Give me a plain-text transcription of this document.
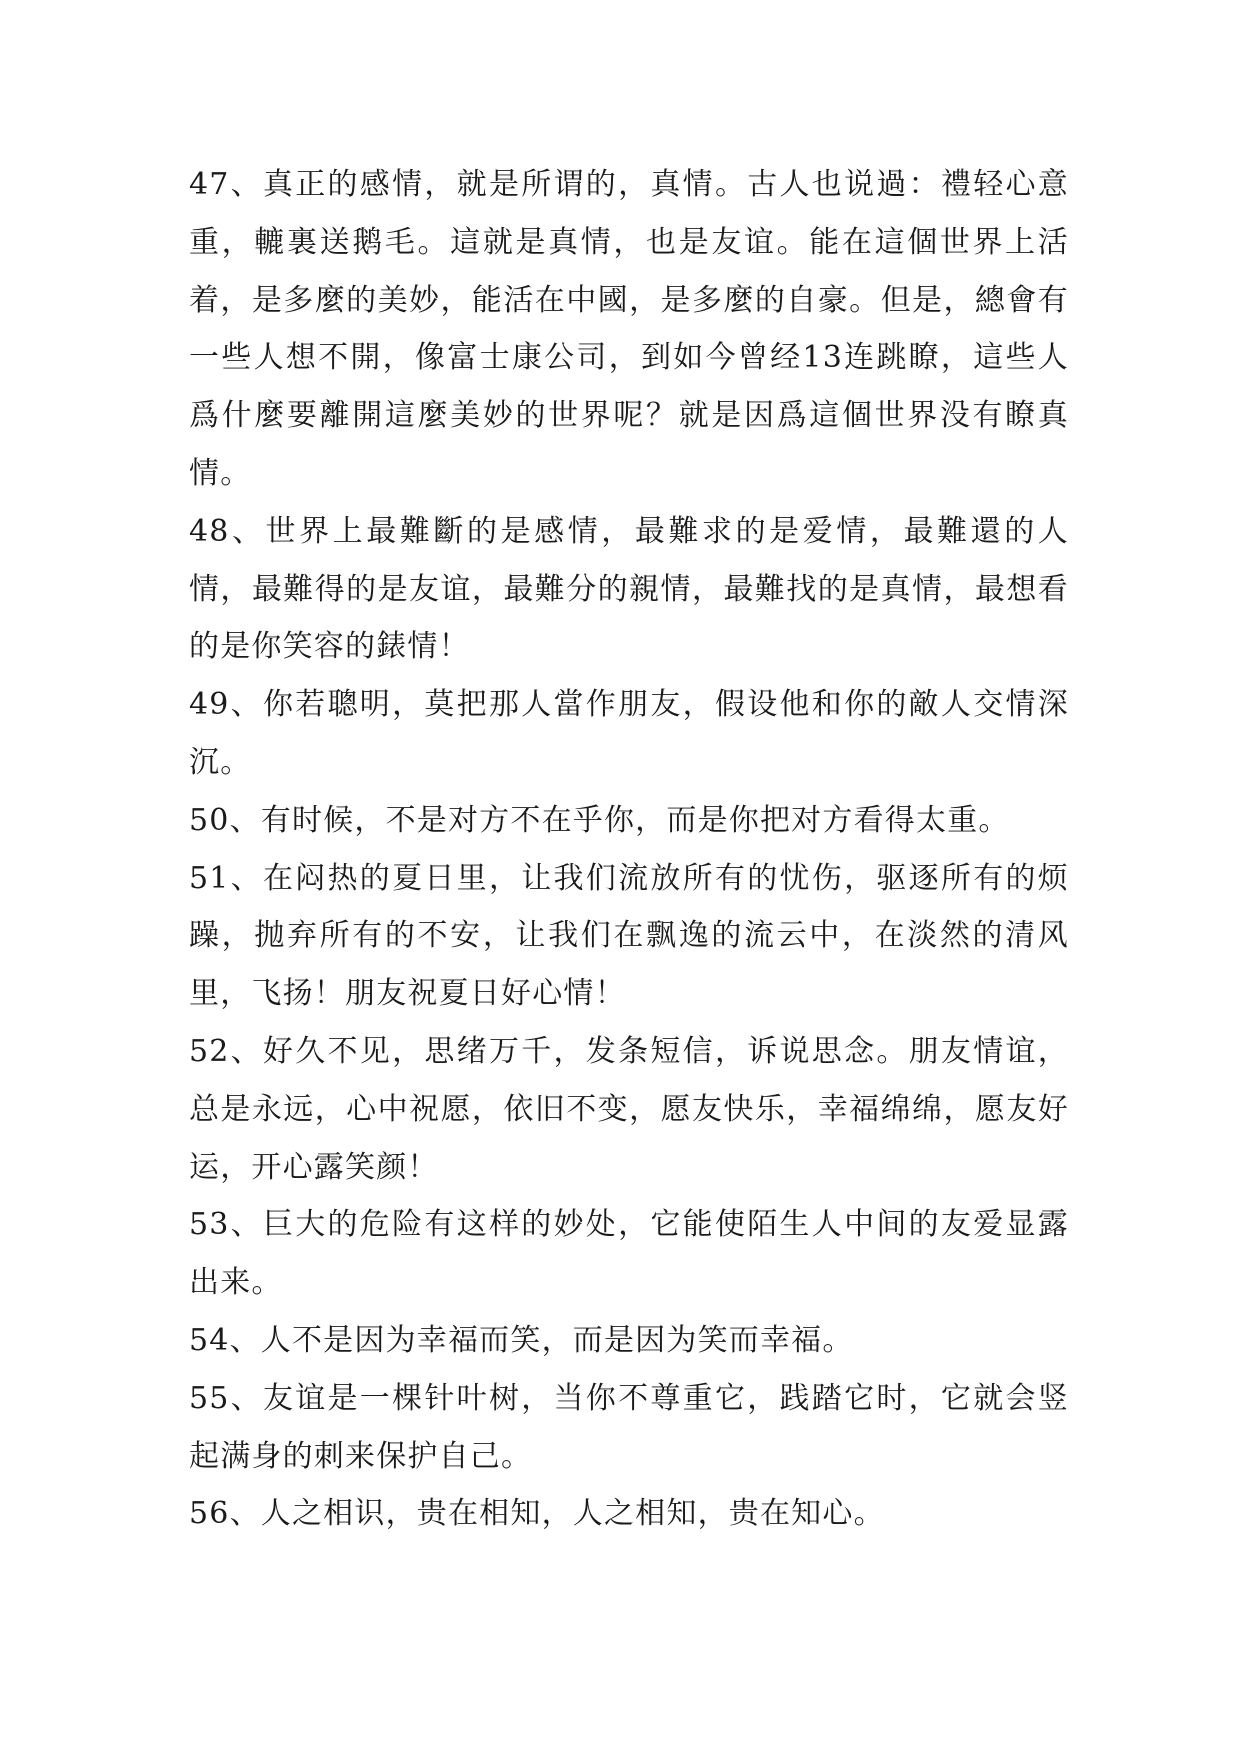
47、真正的感情，就是所谓的，真情。古人也说過：禮轻心意重，轆裏送鹅毛。這就是真情，也是友谊。能在這個世界上活着，是多麼的美妙，能活在中國，是多麼的自豪。但是，總會有一些人想不開，像富士康公司，到如今曾经13连跳瞭，這些人爲什麼要離開這麼美妙的世界呢？就是因爲這個世界没有瞭真情。

48、世界上最難斷的是感情，最難求的是爱情，最難還的人情，最難得的是友谊，最難分的親情，最難找的是真情，最想看的是你笑容的錶情！

49、你若聰明，莫把那人當作朋友，假设他和你的敵人交情深沉。

50、有时候，不是对方不在乎你，而是你把对方看得太重。

51、在闷热的夏日里，让我们流放所有的忧伤，驱逐所有的烦躁，抛弃所有的不安，让我们在飘逸的流云中，在淡然的清风里，飞扬！朋友祝夏日好心情！

52、好久不见，思绪万千，发条短信，诉说思念。朋友情谊，总是永远，心中祝愿，依旧不变，愿友快乐，幸福绵绵，愿友好运，开心露笑颜！

53、巨大的危险有这样的妙处，它能使陌生人中间的友爱显露出来。

54、人不是因为幸福而笑，而是因为笑而幸福。

55、友谊是一棵针叶树，当你不尊重它，践踏它时，它就会竖起满身的刺来保护自己。

56、人之相识，贵在相知，人之相知，贵在知心。
